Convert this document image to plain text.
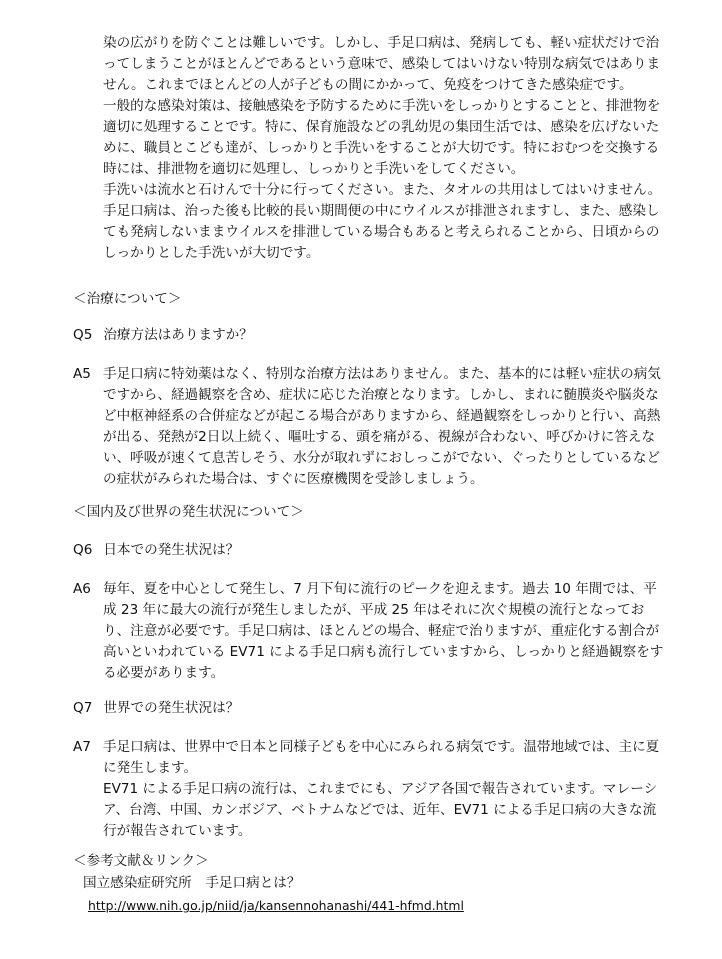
染の広がりを防ぐことは難しいです。しかし、手足口病は、発病しても、軽い症状だけで治ってしまうことがほとんどであるという意味で、感染してはいけない特別な病気ではありません。これまでほとんどの人が子どもの間にかかって、免疫をつけてきた感染症です。

一般的な感染対策は、接触感染を予防するために手洗いをしっかりとすることと、排泄物を適切に処理することです。特に、保育施設などの乳幼児の集団生活では、感染を広げないために、職員とこども達が、しっかりと手洗いをすることが大切です。特におむつを交換する時には、排泄物を適切に処理し、しっかりと手洗いをしてください。

手洗いは流水と石けんで十分に行ってください。また、タオルの共用はしてはいけません。

手足口病は、治った後も比較的長い期間便の中にウイルスが排泄されますし、また、感染しても発病しないままウイルスを排泄している場合もあると考えられることから、日頃からのしっかりとした手洗いが大切です。

＜治療について＞
Q5 治療方法はありますか？
A5 手足口病に特効薬はなく、特別な治療方法はありません。また、基本的には軽い症状の病気ですから、経過観察を含め、症状に応じた治療となります。しかし、まれに髄膜炎や脳炎など中枢神経系の合併症などが起こる場合がありますから、経過観察をしっかりと行い、高熱が出る、発熱が2日以上続く、嘔吐する、頭を痛がる、視線が合わない、呼びかけに答えない、呼吸が速くて息苦しそう、水分が取れずにおしっこがでない、ぐったりとしているなどの症状がみられた場合は、すぐに医療機関を受診しましょう。

＜国内及び世界の発生状況について＞
Q6 日本での発生状況は？
A6 毎年、夏を中心として発生し、7 月下旬に流行のピークを迎えます。過去 10 年間では、平成 23 年に最大の流行が発生しましたが、平成 25 年はそれに次ぐ規模の流行となっており、注意が必要です。手足口病は、ほとんどの場合、軽症で治りますが、重症化する割合が高いといわれている EV71 による手足口病も流行していますから、しっかりと経過観察をする必要があります。

Q7 世界での発生状況は？
A7 手足口病は、世界中で日本と同様子どもを中心にみられる病気です。温帯地域では、主に夏に発生します。

EV71 による手足口病の流行は、これまでにも、アジア各国で報告されています。マレーシア、台湾、中国、カンボジア、ベトナムなどでは、近年、EV71 による手足口病の大きな流行が報告されています。

＜参考文献＆リンク＞
国立感染症研究所　手足口病とは？
http://www.nih.go.jp/niid/ja/kansennohanashi/441-hfmd.html
